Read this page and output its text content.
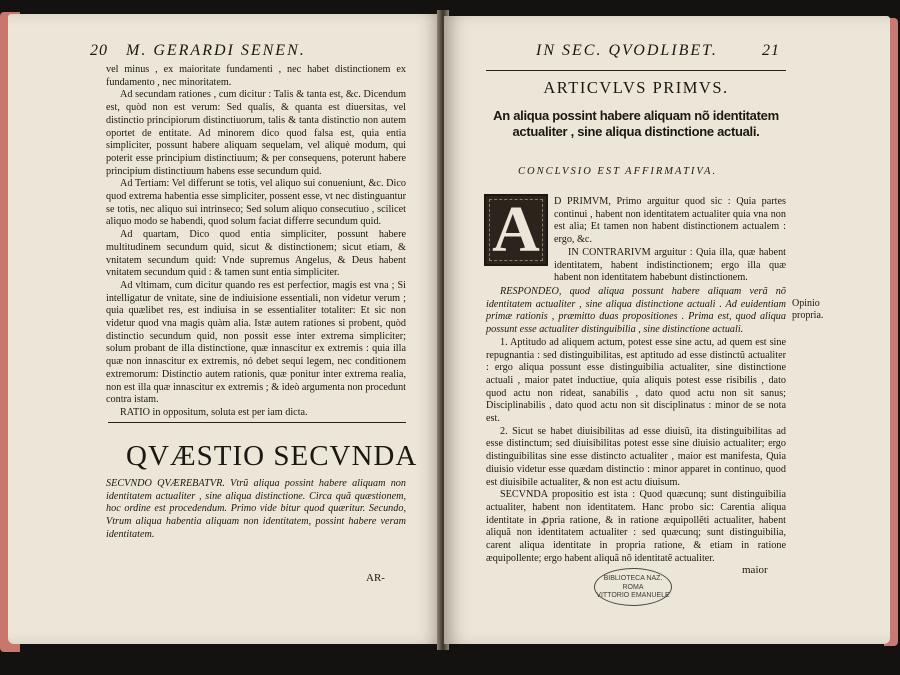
20 M. GERARDI SENEN.

vel minus , ex maioritate fundamenti , nec habet distinctionem ex fundamento , nec minoritatem.

Ad secundam rationes , cum dicitur : Talis & tanta est, &c. Dicendum est, quòd non est verum: Sed qualis, & quanta est diuersitas, vel distinctio principiorum distinctiuorum, talis & tanta distinctio non autem oportet de entitate. Ad minorem dico quod falsa est, quia entia simpliciter, possunt habere aliquam sequelam, vel aliquè modum, qui poterit esse principium distinctiuum; & per consequens, poterunt habere principium distinctiuum habens esse secundum quid.

Ad Tertiam: Vel differunt se totis, vel aliquo sui conueniunt, &c. Dico quod extrema habentia esse simpliciter, possent esse, vt nec distinguantur se totis, nec aliquo sui intrinseco; Sed solum aliquo consecutiuo , scilicet aliquo modo se habendi, quod solum faciat differre secundum quid.

Ad quartam, Dico quod entia simpliciter, possunt habere multitudinem secundum quid, sicut & distinctionem; sicut etiam, & vnitatem secundum quid: Vnde supremus Angelus, & Deus habent vnitatem secundum quid : & tamen sunt entia simpliciter.

Ad vltimam, cum dicitur quando res est perfectior, magis est vna ; Si intelligatur de vnitate, sine de indiuisione essentiali, non videtur verum ; quia quælibet res, est indiuisa in se essentialiter totaliter: Et sic non videtur quod vna magis quàm alia. Istæ autem rationes si probent, quòd distinctio secundum quid, non possit esse inter extrema simpliciter; solum probant de illa distinctione, quæ innascitur ex extremis : quia illa quæ non innascitur ex extremis, nó debet sequi legem, nec conditionem extremorum: Distinctio autem rationis, quæ ponitur inter extrema realia, non est illa quæ innascitur ex extremis ; & ideò argumenta non procedunt contra istam.

RATIO in oppositum, soluta est per iam dicta.

QVÆSTIO SECVNDA
SECVNDO QVÆREBATVR. Vtrũ aliqua possint habere aliquam non identitatem actualiter , sine aliqua distinctione. Circa quã quæstionem, hoc ordine est procedendum. Primo vide bitur quod quæritur. Secundo, Vtrum aliqua habentia aliquam non identitatem, possint habere veram identitatem.
AR-
IN SEC. QVODLIBET.	21
ARTICVLVS PRIMVS.
An aliqua possint habere aliquam nõ identitatem actualiter , sine aliqua distinctione actuali.
CONCLVSIO EST AFFIRMATIVA.
A	D PRIMVM, Primo arguitur quod sic : Quia partes continui , habent non identitatem actualiter quia vna non est alia; Et tamen non habent distinctionem actualem : ergo, &c.

IN CONTRARIVM arguitur : Quia illa, quæ habent identitatem, habent indistinctionem; ergo illa quæ habent non identitatem habebunt distinctionem.

RESPONDEO, quod aliqua possunt habere aliquam verã nõ identitatem actualiter , sine aliqua distinctione actuali . Ad euidentiam primæ rationis , præmitto duas propositiones . Prima est, quod aliqua possunt esse actualiter distinguibilia , sine distinctione actuali.

1. Aptitudo ad aliquem actum, potest esse sine actu, ad quem est sine repugnantia : sed distinguibilitas, est aptitudo ad esse distinctũ actualiter : ergo aliqua possunt esse distinguibilia actualiter, sine distinctione actuali , maior patet inductiue, quia aliquis potest esse risibilis , dato quod actu non rideat, sanabilis , dato quod actu non sit sanus; Disciplinabilis , dato quod actu non sit disciplinatus : minor de se nota est.

2. Sicut se habet diuisibilitas ad esse diuisũ, ita distinguibilitas ad esse distinctum; sed diuisibilitas potest esse sine diuisio actualiter; ergo distinguibilitas sine esse distincto actualiter , maior est manifesta, Quia diuisio videtur esse quædam distinctio : minor apparet in continuo, quod est diuisibile actualiter, & non est actu diuisum.

SECVNDA propositio est ista : Quod quæcunq; sunt distinguibilia actualiter, habent non identitatem. Hanc probo sic: Carentia aliqua identitate in ꝓpria ratione, & in ratione æquipollẽti actualiter, habent aliquã non identitatem actualiter : sed quæcunq; sunt distinguibilia, carent aliqua identitate in propria ratione, & etiam in ratione æquipollente; ergo habent aliquã nõ identitatẽ actualiter.

maior
Opinio propria.
BIBLIOTECA NAZ.
ROMA
VITTORIO EMANUELE
